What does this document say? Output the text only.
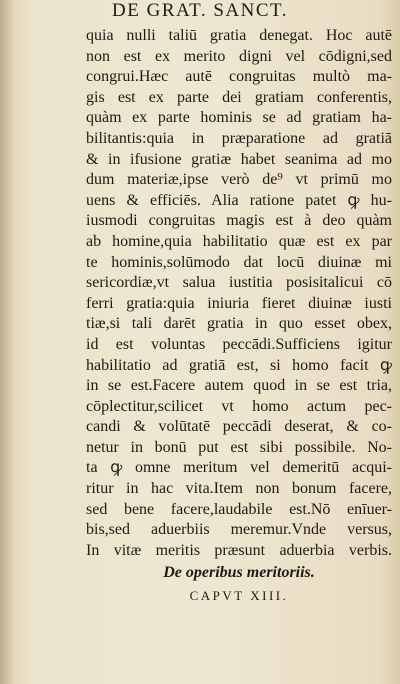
DE GRAT. SANCT.
quia nulli taliū gratia denegat. Hoc autē
non est ex merito digni vel cōdigni,sed
congrui.Hæc autē congruitas multò ma-
gis est ex parte dei gratiam conferentis,
quàm ex parte hominis se ad gratiam ha-
bilitantis:quia in præparatione ad gratiā
& in ifusione gratiæ habet seanima ad mo
dum materiæ,ipse verò de⁹ vt primū mo
uens & efficiēs. Alia ratione patet ꝙ hu-
iusmodi congruitas magis est à deo quàm
ab homine,quia habilitatio quæ est ex par
te hominis,solūmodo dat locū diuinæ mi
sericordiæ,vt salua iustitia posisitalicui cō
ferri gratia:quia iniuria fieret diuinæ iusti
tiæ,si tali darēt gratia in quo esset obex,
id est voluntas peccādi.Sufficiens igitur
habilitatio ad gratiā est, si homo facit ꝙ
in se est.Facere autem quod in se est tria,
cōplectitur,scilicet vt homo actum pec-
candi & volūtatē peccādi deserat, & co-
netur in bonū put est sibi possibile. No-
ta ꝙ omne meritum vel demeritū acqui-
ritur in hac vita.Item non bonum facere,
sed bene facere,laudabile est.Nō enīuer-
bis,sed aduerbiis meremur.Vnde versus,
In vitæ meritis præsunt aduerbia verbis.
De operibus meritoriis.
CAPVT XIII.
